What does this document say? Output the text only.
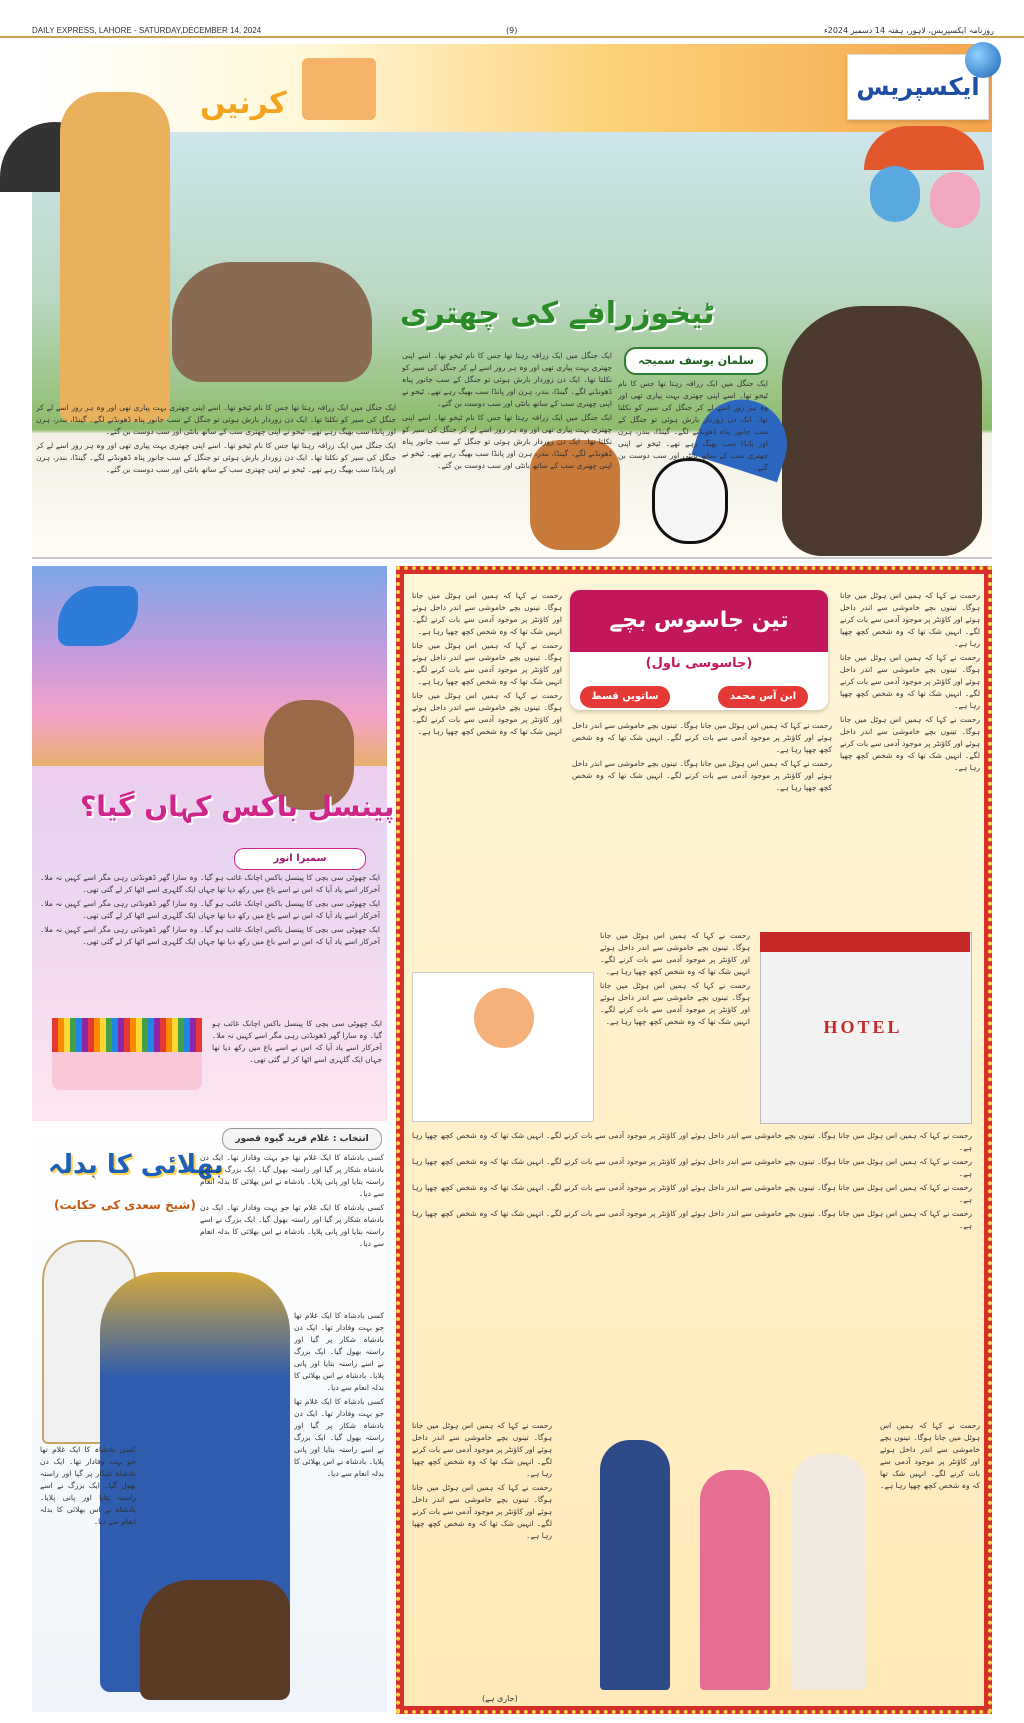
DAILY EXPRESS, LAHORE - SATURDAY,DECEMBER 14, 2024	(9)	روزنامہ ایکسپریس، لاہور، ہفتہ 14 دسمبر 2024ء
کرنیں	ایکسپریس
ٹیخوزرافے کی چھتری
سلمان یوسف سمیجہ

ایک جنگل میں ایک زرافہ رہتا تھا جس کا نام ٹیخو تھا۔ اسے اپنی چھتری بہت پیاری تھی اور وہ ہر روز اسے لے کر جنگل کی سیر کو نکلتا تھا۔ ایک دن زوردار بارش ہوئی تو جنگل کے سب جانور پناہ ڈھونڈنے لگے۔ گینڈا، بندر، ہرن اور پانڈا سب بھیگ رہے تھے۔ ٹیخو نے اپنی چھتری سب کے ساتھ بانٹی اور سب دوست بن گئے۔

ایک جنگل میں ایک زرافہ رہتا تھا جس کا نام ٹیخو تھا۔ اسے اپنی چھتری بہت پیاری تھی اور وہ ہر روز اسے لے کر جنگل کی سیر کو نکلتا تھا۔ ایک دن زوردار بارش ہوئی تو جنگل کے سب جانور پناہ ڈھونڈنے لگے۔ گینڈا، بندر، ہرن اور پانڈا سب بھیگ رہے تھے۔ ٹیخو نے اپنی چھتری سب کے ساتھ بانٹی اور سب دوست بن گئے۔

ایک جنگل میں ایک زرافہ رہتا تھا جس کا نام ٹیخو تھا۔ اسے اپنی چھتری بہت پیاری تھی اور وہ ہر روز اسے لے کر جنگل کی سیر کو نکلتا تھا۔ ایک دن زوردار بارش ہوئی تو جنگل کے سب جانور پناہ ڈھونڈنے لگے۔ گینڈا، بندر، ہرن اور پانڈا سب بھیگ رہے تھے۔ ٹیخو نے اپنی چھتری سب کے ساتھ بانٹی اور سب دوست بن گئے۔

ایک جنگل میں ایک زرافہ رہتا تھا جس کا نام ٹیخو تھا۔ اسے اپنی چھتری بہت پیاری تھی اور وہ ہر روز اسے لے کر جنگل کی سیر کو نکلتا تھا۔ ایک دن زوردار بارش ہوئی تو جنگل کے سب جانور پناہ ڈھونڈنے لگے۔ گینڈا، بندر، ہرن اور پانڈا سب بھیگ رہے تھے۔ ٹیخو نے اپنی چھتری سب کے ساتھ بانٹی اور سب دوست بن گئے۔

ایک جنگل میں ایک زرافہ رہتا تھا جس کا نام ٹیخو تھا۔ اسے اپنی چھتری بہت پیاری تھی اور وہ ہر روز اسے لے کر جنگل کی سیر کو نکلتا تھا۔ ایک دن زوردار بارش ہوئی تو جنگل کے سب جانور پناہ ڈھونڈنے لگے۔ گینڈا، بندر، ہرن اور پانڈا سب بھیگ رہے تھے۔ ٹیخو نے اپنی چھتری سب کے ساتھ بانٹی اور سب دوست بن گئے۔

پینسل باکس کہاں گیا؟
سمیرا انور

ایک چھوٹی سی بچی کا پینسل باکس اچانک غائب ہو گیا۔ وہ سارا گھر ڈھونڈتی رہی مگر اسے کہیں نہ ملا۔ آخرکار اسے یاد آیا کہ اس نے اسے باغ میں رکھ دیا تھا جہاں ایک گلہری اسے اٹھا کر لے گئی تھی۔

ایک چھوٹی سی بچی کا پینسل باکس اچانک غائب ہو گیا۔ وہ سارا گھر ڈھونڈتی رہی مگر اسے کہیں نہ ملا۔ آخرکار اسے یاد آیا کہ اس نے اسے باغ میں رکھ دیا تھا جہاں ایک گلہری اسے اٹھا کر لے گئی تھی۔

ایک چھوٹی سی بچی کا پینسل باکس اچانک غائب ہو گیا۔ وہ سارا گھر ڈھونڈتی رہی مگر اسے کہیں نہ ملا۔ آخرکار اسے یاد آیا کہ اس نے اسے باغ میں رکھ دیا تھا جہاں ایک گلہری اسے اٹھا کر لے گئی تھی۔

ایک چھوٹی سی بچی کا پینسل باکس اچانک غائب ہو گیا۔ وہ سارا گھر ڈھونڈتی رہی مگر اسے کہیں نہ ملا۔ آخرکار اسے یاد آیا کہ اس نے اسے باغ میں رکھ دیا تھا جہاں ایک گلہری اسے اٹھا کر لے گئی تھی۔

انتخاب : غلام فرید گیوہ قصور
بھلائی کا بدلہ
(شیخ سعدی کی حکایت)

کسی بادشاہ کا ایک غلام تھا جو بہت وفادار تھا۔ ایک دن بادشاہ شکار پر گیا اور راستہ بھول گیا۔ ایک بزرگ نے اسے راستہ بتایا اور پانی پلایا۔ بادشاہ نے اس بھلائی کا بدلہ انعام سے دیا۔

کسی بادشاہ کا ایک غلام تھا جو بہت وفادار تھا۔ ایک دن بادشاہ شکار پر گیا اور راستہ بھول گیا۔ ایک بزرگ نے اسے راستہ بتایا اور پانی پلایا۔ بادشاہ نے اس بھلائی کا بدلہ انعام سے دیا۔

کسی بادشاہ کا ایک غلام تھا جو بہت وفادار تھا۔ ایک دن بادشاہ شکار پر گیا اور راستہ بھول گیا۔ ایک بزرگ نے اسے راستہ بتایا اور پانی پلایا۔ بادشاہ نے اس بھلائی کا بدلہ انعام سے دیا۔

کسی بادشاہ کا ایک غلام تھا جو بہت وفادار تھا۔ ایک دن بادشاہ شکار پر گیا اور راستہ بھول گیا۔ ایک بزرگ نے اسے راستہ بتایا اور پانی پلایا۔ بادشاہ نے اس بھلائی کا بدلہ انعام سے دیا۔

کسی بادشاہ کا ایک غلام تھا جو بہت وفادار تھا۔ ایک دن بادشاہ شکار پر گیا اور راستہ بھول گیا۔ ایک بزرگ نے اسے راستہ بتایا اور پانی پلایا۔ بادشاہ نے اس بھلائی کا بدلہ انعام سے دیا۔

تین جاسوس بچے
(جاسوسی ناول)
ابن آس محمد
ساتویں قسط

رحمت نے کہا کہ ہمیں اس ہوٹل میں جانا ہوگا۔ تینوں بچے خاموشی سے اندر داخل ہوئے اور کاؤنٹر پر موجود آدمی سے بات کرنے لگے۔ انہیں شک تھا کہ وہ شخص کچھ چھپا رہا ہے۔

رحمت نے کہا کہ ہمیں اس ہوٹل میں جانا ہوگا۔ تینوں بچے خاموشی سے اندر داخل ہوئے اور کاؤنٹر پر موجود آدمی سے بات کرنے لگے۔ انہیں شک تھا کہ وہ شخص کچھ چھپا رہا ہے۔

رحمت نے کہا کہ ہمیں اس ہوٹل میں جانا ہوگا۔ تینوں بچے خاموشی سے اندر داخل ہوئے اور کاؤنٹر پر موجود آدمی سے بات کرنے لگے۔ انہیں شک تھا کہ وہ شخص کچھ چھپا رہا ہے۔

رحمت نے کہا کہ ہمیں اس ہوٹل میں جانا ہوگا۔ تینوں بچے خاموشی سے اندر داخل ہوئے اور کاؤنٹر پر موجود آدمی سے بات کرنے لگے۔ انہیں شک تھا کہ وہ شخص کچھ چھپا رہا ہے۔

رحمت نے کہا کہ ہمیں اس ہوٹل میں جانا ہوگا۔ تینوں بچے خاموشی سے اندر داخل ہوئے اور کاؤنٹر پر موجود آدمی سے بات کرنے لگے۔ انہیں شک تھا کہ وہ شخص کچھ چھپا رہا ہے۔

رحمت نے کہا کہ ہمیں اس ہوٹل میں جانا ہوگا۔ تینوں بچے خاموشی سے اندر داخل ہوئے اور کاؤنٹر پر موجود آدمی سے بات کرنے لگے۔ انہیں شک تھا کہ وہ شخص کچھ چھپا رہا ہے۔

رحمت نے کہا کہ ہمیں اس ہوٹل میں جانا ہوگا۔ تینوں بچے خاموشی سے اندر داخل ہوئے اور کاؤنٹر پر موجود آدمی سے بات کرنے لگے۔ انہیں شک تھا کہ وہ شخص کچھ چھپا رہا ہے۔

رحمت نے کہا کہ ہمیں اس ہوٹل میں جانا ہوگا۔ تینوں بچے خاموشی سے اندر داخل ہوئے اور کاؤنٹر پر موجود آدمی سے بات کرنے لگے۔ انہیں شک تھا کہ وہ شخص کچھ چھپا رہا ہے۔

HOTEL

رحمت نے کہا کہ ہمیں اس ہوٹل میں جانا ہوگا۔ تینوں بچے خاموشی سے اندر داخل ہوئے اور کاؤنٹر پر موجود آدمی سے بات کرنے لگے۔ انہیں شک تھا کہ وہ شخص کچھ چھپا رہا ہے۔

رحمت نے کہا کہ ہمیں اس ہوٹل میں جانا ہوگا۔ تینوں بچے خاموشی سے اندر داخل ہوئے اور کاؤنٹر پر موجود آدمی سے بات کرنے لگے۔ انہیں شک تھا کہ وہ شخص کچھ چھپا رہا ہے۔

رحمت نے کہا کہ ہمیں اس ہوٹل میں جانا ہوگا۔ تینوں بچے خاموشی سے اندر داخل ہوئے اور کاؤنٹر پر موجود آدمی سے بات کرنے لگے۔ انہیں شک تھا کہ وہ شخص کچھ چھپا رہا ہے۔

رحمت نے کہا کہ ہمیں اس ہوٹل میں جانا ہوگا۔ تینوں بچے خاموشی سے اندر داخل ہوئے اور کاؤنٹر پر موجود آدمی سے بات کرنے لگے۔ انہیں شک تھا کہ وہ شخص کچھ چھپا رہا ہے۔

رحمت نے کہا کہ ہمیں اس ہوٹل میں جانا ہوگا۔ تینوں بچے خاموشی سے اندر داخل ہوئے اور کاؤنٹر پر موجود آدمی سے بات کرنے لگے۔ انہیں شک تھا کہ وہ شخص کچھ چھپا رہا ہے۔

رحمت نے کہا کہ ہمیں اس ہوٹل میں جانا ہوگا۔ تینوں بچے خاموشی سے اندر داخل ہوئے اور کاؤنٹر پر موجود آدمی سے بات کرنے لگے۔ انہیں شک تھا کہ وہ شخص کچھ چھپا رہا ہے۔

رحمت نے کہا کہ ہمیں اس ہوٹل میں جانا ہوگا۔ تینوں بچے خاموشی سے اندر داخل ہوئے اور کاؤنٹر پر موجود آدمی سے بات کرنے لگے۔ انہیں شک تھا کہ وہ شخص کچھ چھپا رہا ہے۔

رحمت نے کہا کہ ہمیں اس ہوٹل میں جانا ہوگا۔ تینوں بچے خاموشی سے اندر داخل ہوئے اور کاؤنٹر پر موجود آدمی سے بات کرنے لگے۔ انہیں شک تھا کہ وہ شخص کچھ چھپا رہا ہے۔

رحمت نے کہا کہ ہمیں اس ہوٹل میں جانا ہوگا۔ تینوں بچے خاموشی سے اندر داخل ہوئے اور کاؤنٹر پر موجود آدمی سے بات کرنے لگے۔ انہیں شک تھا کہ وہ شخص کچھ چھپا رہا ہے۔

(جاری ہے)
